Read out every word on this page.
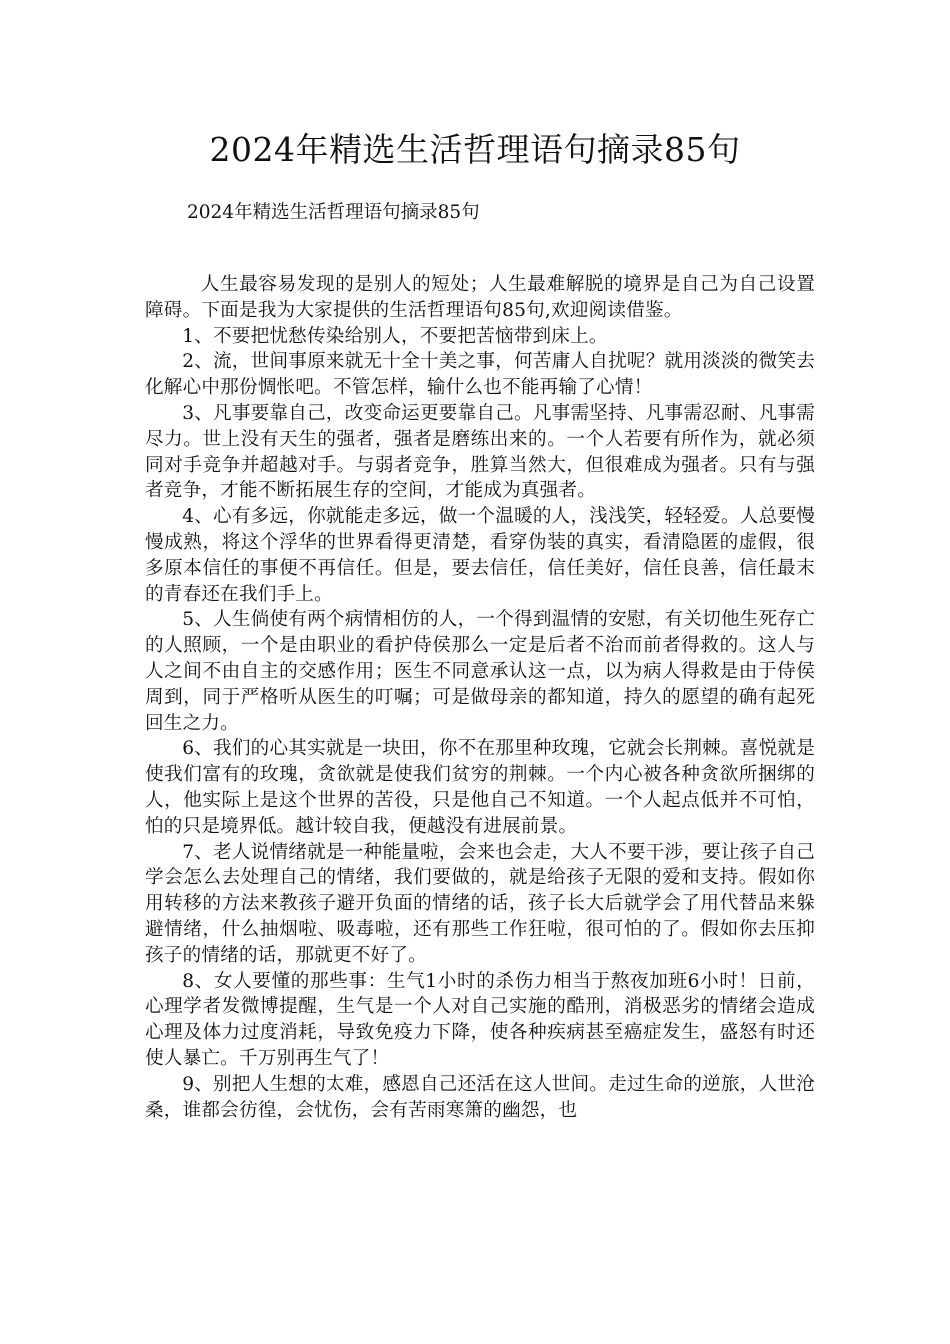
2024年精选生活哲理语句摘录85句

2024年精选生活哲理语句摘录85句

人生最容易发现的是别人的短处；人生最难解脱的境界是自己为自己设置障碍。下面是我为大家提供的生活哲理语句85句,欢迎阅读借鉴。

1、不要把忧愁传染给别人，不要把苦恼带到床上。

2、流，世间事原来就无十全十美之事，何苦庸人自扰呢？就用淡淡的微笑去化解心中那份惆怅吧。不管怎样，输什么也不能再输了心情！

3、凡事要靠自己，改变命运更要靠自己。凡事需坚持、凡事需忍耐、凡事需尽力。世上没有天生的强者，强者是磨练出来的。一个人若要有所作为，就必须同对手竞争并超越对手。与弱者竞争，胜算当然大，但很难成为强者。只有与强者竞争，才能不断拓展生存的空间，才能成为真强者。

4、心有多远，你就能走多远，做一个温暖的人，浅浅笑，轻轻爱。人总要慢慢成熟，将这个浮华的世界看得更清楚，看穿伪装的真实，看清隐匿的虚假，很多原本信任的事便不再信任。但是，要去信任，信任美好，信任良善，信任最末的青春还在我们手上。

5、人生倘使有两个病情相仿的人，一个得到温情的安慰，有关切他生死存亡的人照顾，一个是由职业的看护侍侯那么一定是后者不治而前者得救的。这人与人之间不由自主的交感作用；医生不同意承认这一点，以为病人得救是由于侍侯周到，同于严格听从医生的叮嘱；可是做母亲的都知道，持久的愿望的确有起死回生之力。

6、我们的心其实就是一块田，你不在那里种玫瑰，它就会长荆棘。喜悦就是使我们富有的玫瑰，贪欲就是使我们贫穷的荆棘。一个内心被各种贪欲所捆绑的人，他实际上是这个世界的苦役，只是他自己不知道。一个人起点低并不可怕，怕的只是境界低。越计较自我，便越没有进展前景。

7、老人说情绪就是一种能量啦，会来也会走，大人不要干涉，要让孩子自己学会怎么去处理自己的情绪，我们要做的，就是给孩子无限的爱和支持。假如你用转移的方法来教孩子避开负面的情绪的话，孩子长大后就学会了用代替品来躲避情绪，什么抽烟啦、吸毒啦，还有那些工作狂啦，很可怕的了。假如你去压抑孩子的情绪的话，那就更不好了。

8、女人要懂的那些事：生气1小时的杀伤力相当于熬夜加班6小时！日前，心理学者发微博提醒，生气是一个人对自己实施的酷刑，消极恶劣的情绪会造成心理及体力过度消耗，导致免疫力下降，使各种疾病甚至癌症发生，盛怒有时还使人暴亡。千万别再生气了！

9、别把人生想的太难，感恩自己还活在这人世间。走过生命的逆旅，人世沧桑，谁都会彷徨，会忧伤，会有苦雨寒箫的幽怨，也
